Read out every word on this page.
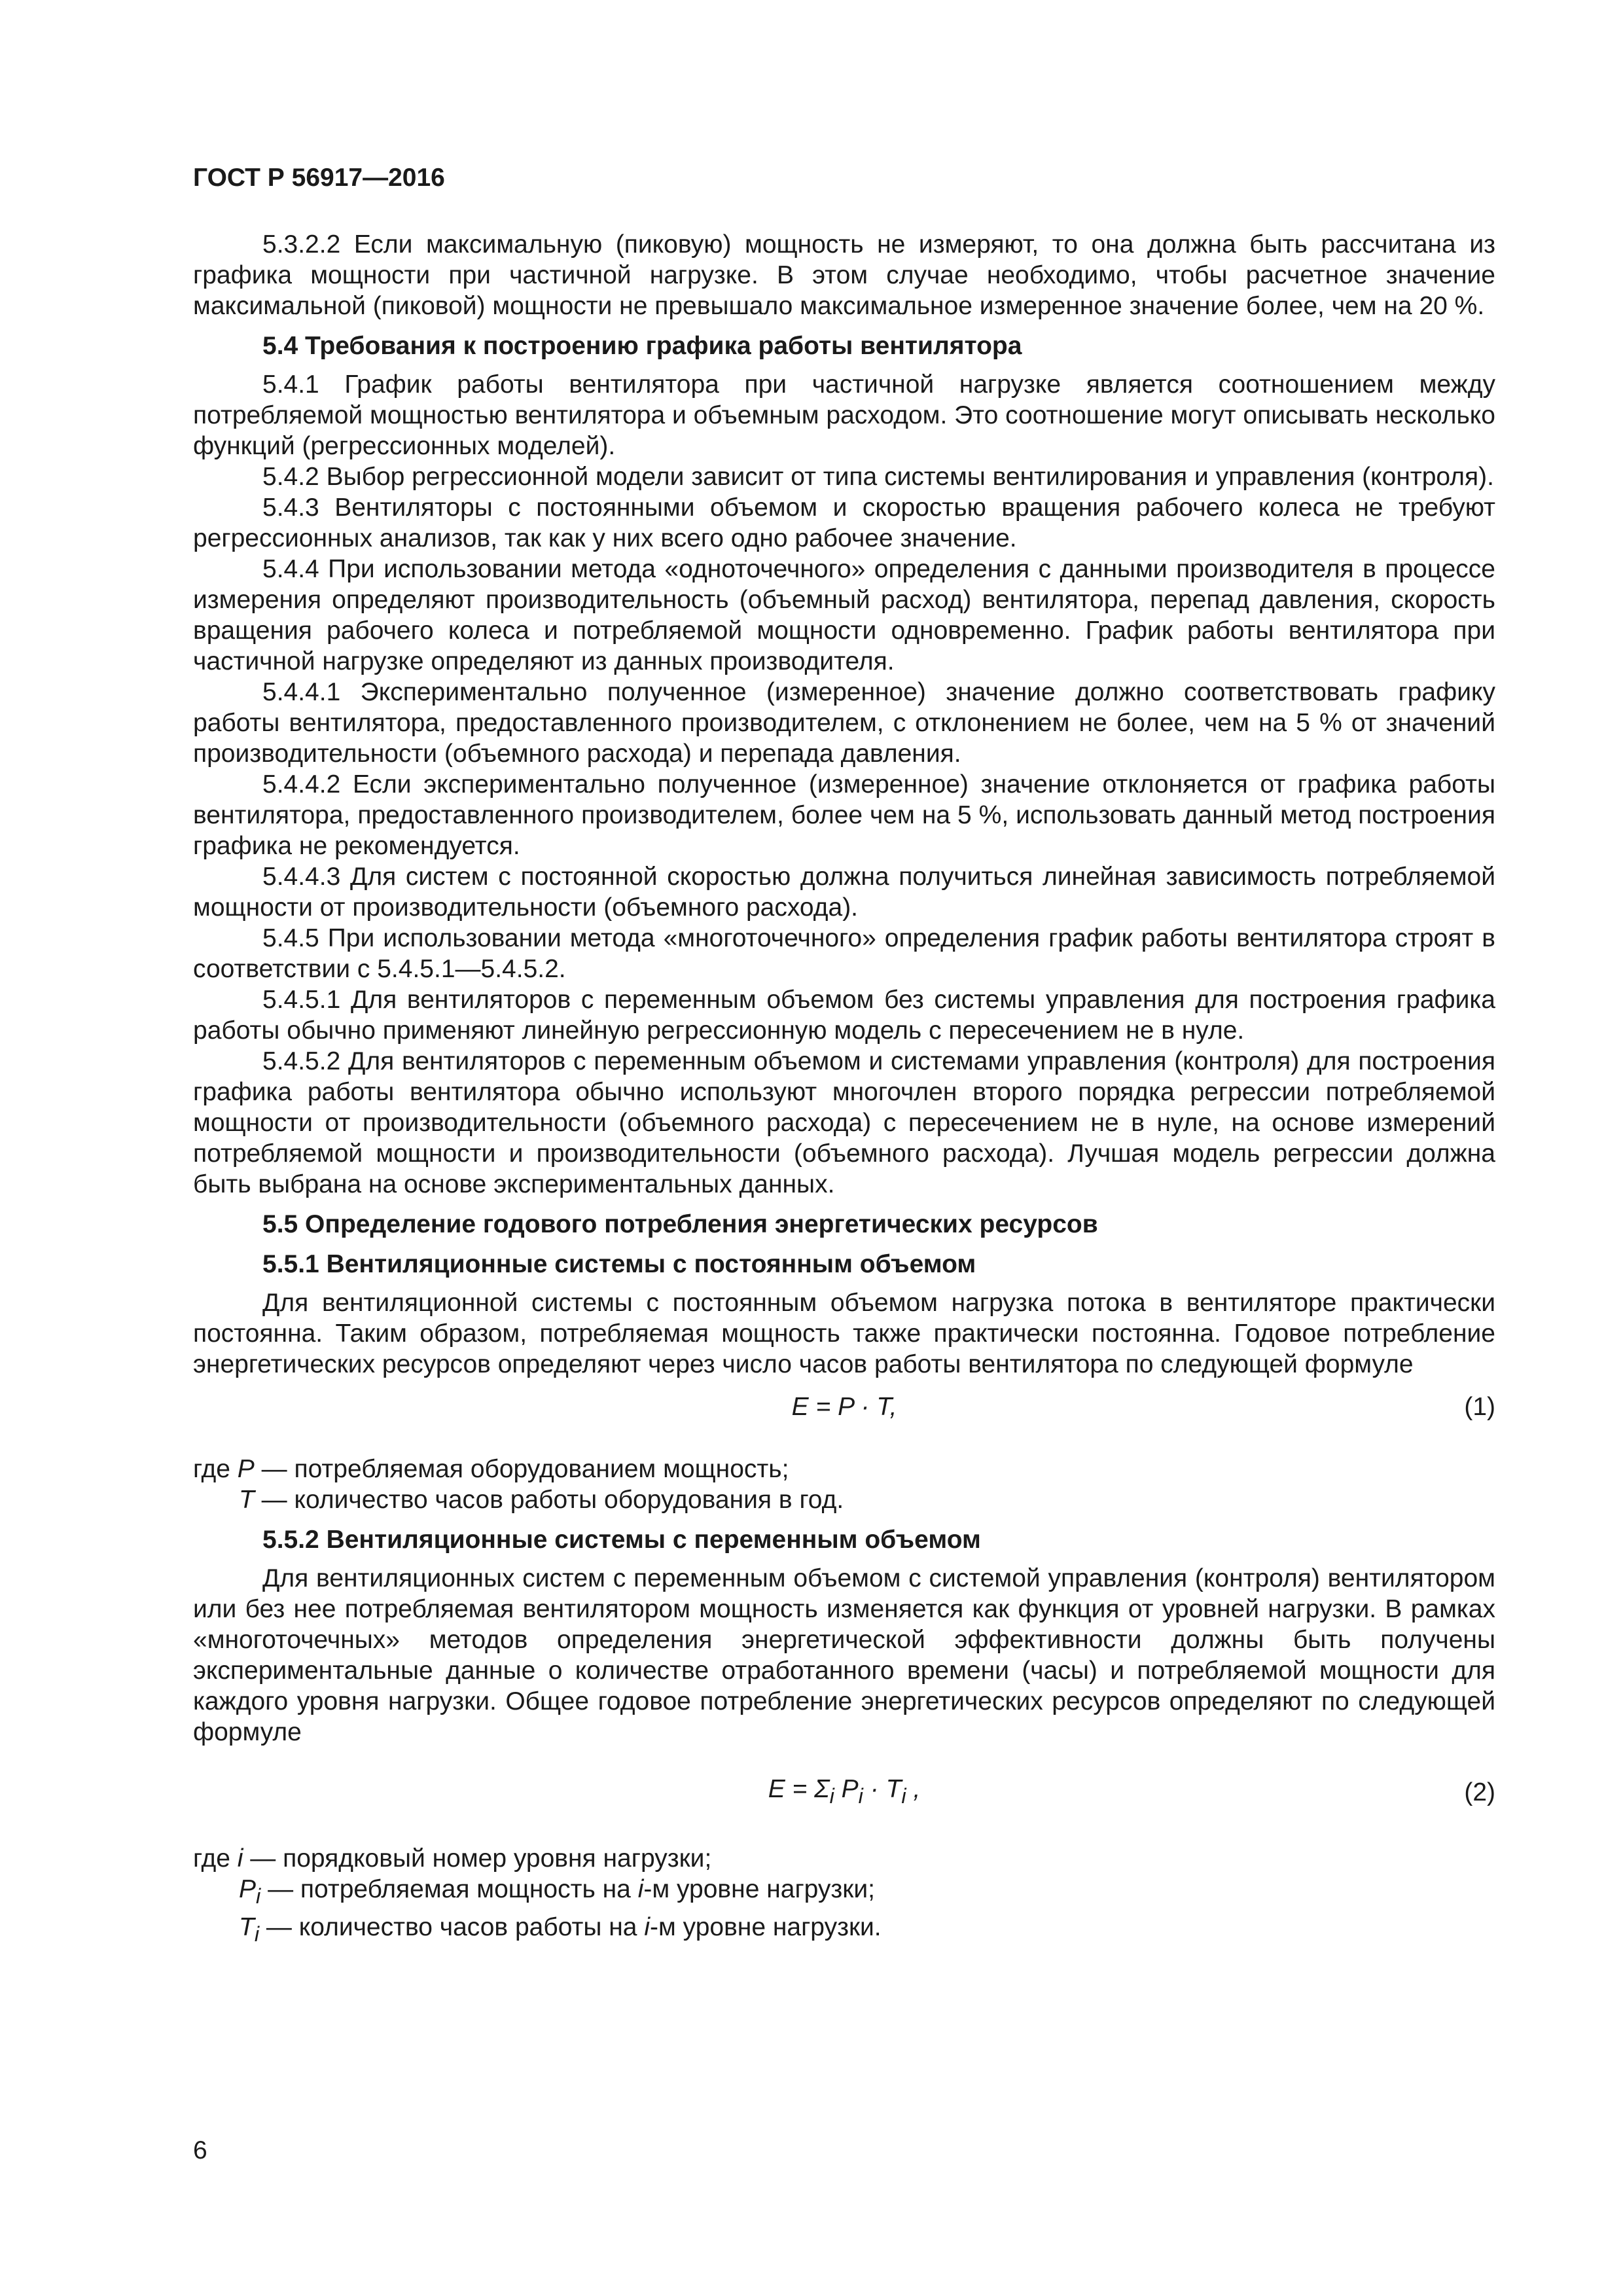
ГОСТ Р 56917—2016

5.3.2.2 Если максимальную (пиковую) мощность не измеряют, то она должна быть рассчитана из графика мощности при частичной нагрузке. В этом случае необходимо, чтобы расчетное значение максимальной (пиковой) мощности не превышало максимальное измеренное значение более, чем на 20 %.

5.4 Требования к построению графика работы вентилятора

5.4.1 График работы вентилятора при частичной нагрузке является соотношением между потребляемой мощностью вентилятора и объемным расходом. Это соотношение могут описывать несколько функций (регрессионных моделей).

5.4.2 Выбор регрессионной модели зависит от типа системы вентилирования и управления (контроля).

5.4.3 Вентиляторы с постоянными объемом и скоростью вращения рабочего колеса не требуют регрессионных анализов, так как у них всего одно рабочее значение.

5.4.4 При использовании метода «одноточечного» определения с данными производителя в процессе измерения определяют производительность (объемный расход) вентилятора, перепад давления, скорость вращения рабочего колеса и потребляемой мощности одновременно. График работы вентилятора при частичной нагрузке определяют из данных производителя.

5.4.4.1 Экспериментально полученное (измеренное) значение должно соответствовать графику работы вентилятора, предоставленного производителем, с отклонением не более, чем на 5 % от значений производительности (объемного расхода) и перепада давления.

5.4.4.2 Если экспериментально полученное (измеренное) значение отклоняется от графика работы вентилятора, предоставленного производителем, более чем на 5 %, использовать данный метод построения графика не рекомендуется.

5.4.4.3 Для систем с постоянной скоростью должна получиться линейная зависимость потребляемой мощности от производительности (объемного расхода).

5.4.5 При использовании метода «многоточечного» определения график работы вентилятора строят в соответствии с 5.4.5.1—5.4.5.2.

5.4.5.1 Для вентиляторов с переменным объемом без системы управления для построения графика работы обычно применяют линейную регрессионную модель с пересечением не в нуле.

5.4.5.2 Для вентиляторов с переменным объемом и системами управления (контроля) для построения графика работы вентилятора обычно используют многочлен второго порядка регрессии потребляемой мощности от производительности (объемного расхода) с пересечением не в нуле, на основе измерений потребляемой мощности и производительности (объемного расхода). Лучшая модель регрессии должна быть выбрана на основе экспериментальных данных.

5.5 Определение годового потребления энергетических ресурсов

5.5.1 Вентиляционные системы с постоянным объемом

Для вентиляционной системы с постоянным объемом нагрузка потока в вентиляторе практически постоянна. Таким образом, потребляемая мощность также практически постоянна. Годовое потребление энергетических ресурсов определяют через число часов работы вентилятора по следующей формуле

E = P · T,	(1)

где P — потребляемая оборудованием мощность;

T — количество часов работы оборудования в год.

5.5.2 Вентиляционные системы с переменным объемом

Для вентиляционных систем с переменным объемом с системой управления (контроля) вентилятором или без нее потребляемая вентилятором мощность изменяется как функция от уровней нагрузки. В рамках «многоточечных» методов определения энергетической эффективности должны быть получены экспериментальные данные о количестве отработанного времени (часы) и потребляемой мощности для каждого уровня нагрузки. Общее годовое потребление энергетических ресурсов определяют по следующей формуле

$E = \Sigma_i$ $P_i \cdot T_i$ ,	(2)

где i — порядковый номер уровня нагрузки;

$P_i$ — потребляемая мощность на i-м уровне нагрузки;

$T_i$ — количество часов работы на i-м уровне нагрузки.

6
